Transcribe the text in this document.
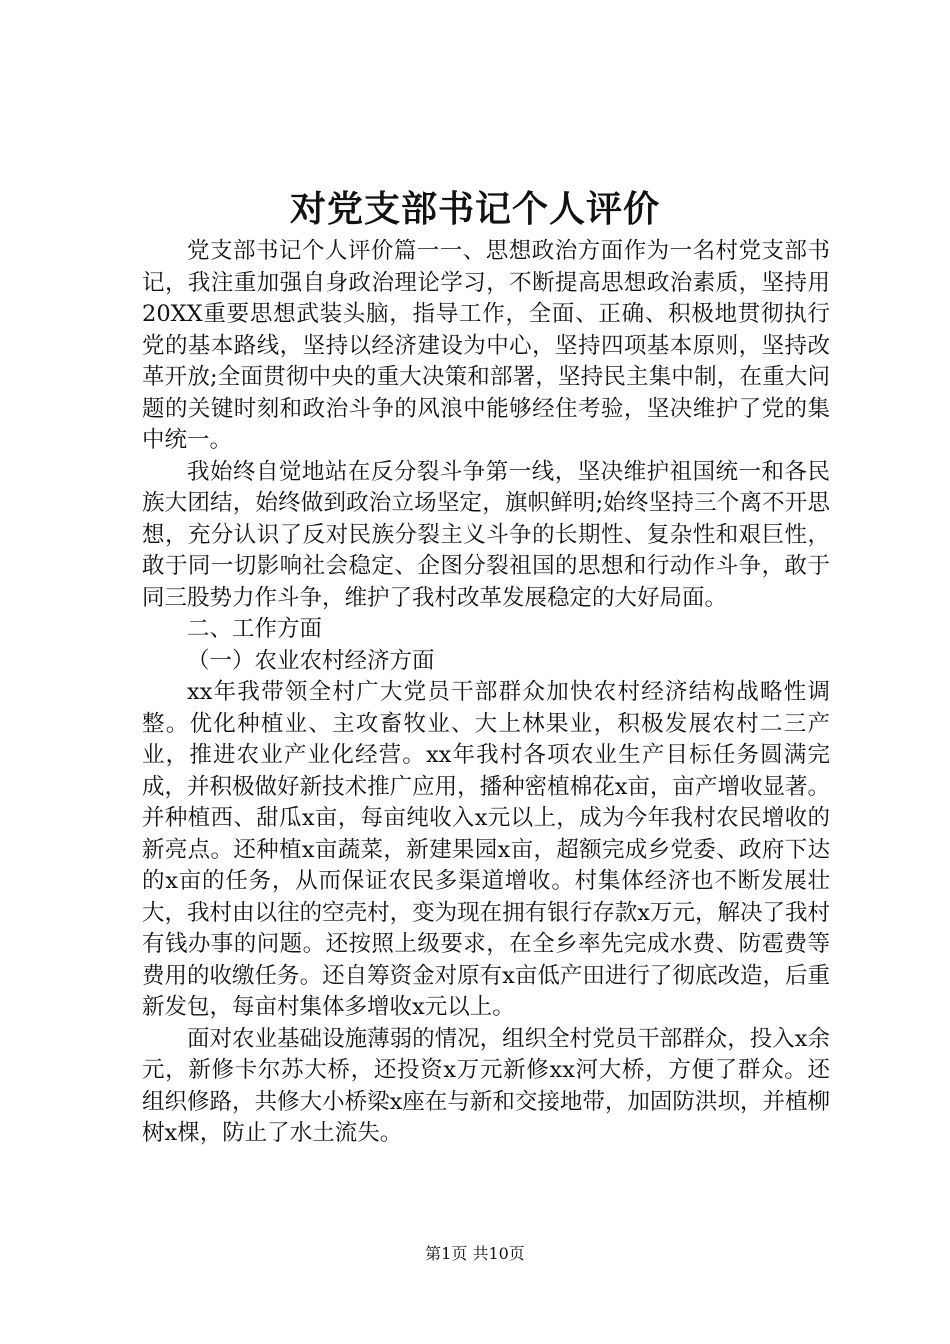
对党支部书记个人评价

党支部书记个人评价篇一一、思想政治方面作为一名村党支部书记，我注重加强自身政治理论学习，不断提高思想政治素质，坚持用20XX重要思想武装头脑，指导工作，全面、正确、积极地贯彻执行党的基本路线，坚持以经济建设为中心，坚持四项基本原则，坚持改革开放;全面贯彻中央的重大决策和部署，坚持民主集中制，在重大问题的关键时刻和政治斗争的风浪中能够经住考验，坚决维护了党的集中统一。

我始终自觉地站在反分裂斗争第一线，坚决维护祖国统一和各民族大团结，始终做到政治立场坚定，旗帜鲜明;始终坚持三个离不开思想，充分认识了反对民族分裂主义斗争的长期性、复杂性和艰巨性，敢于同一切影响社会稳定、企图分裂祖国的思想和行动作斗争，敢于同三股势力作斗争，维护了我村改革发展稳定的大好局面。

二、工作方面

（一）农业农村经济方面

xx年我带领全村广大党员干部群众加快农村经济结构战略性调整。优化种植业、主攻畜牧业、大上林果业，积极发展农村二三产业，推进农业产业化经营。xx年我村各项农业生产目标任务圆满完成，并积极做好新技术推广应用，播种密植棉花x亩，亩产增收显著。并种植西、甜瓜x亩，每亩纯收入x元以上，成为今年我村农民增收的新亮点。还种植x亩蔬菜，新建果园x亩，超额完成乡党委、政府下达的x亩的任务，从而保证农民多渠道增收。村集体经济也不断发展壮大，我村由以往的空壳村，变为现在拥有银行存款x万元，解决了我村有钱办事的问题。还按照上级要求，在全乡率先完成水费、防雹费等费用的收缴任务。还自筹资金对原有x亩低产田进行了彻底改造，后重新发包，每亩村集体多增收x元以上。

面对农业基础设施薄弱的情况，组织全村党员干部群众，投入x余元，新修卡尔苏大桥，还投资x万元新修xx河大桥，方便了群众。还组织修路，共修大小桥梁x座在与新和交接地带，加固防洪坝，并植柳树x棵，防止了水土流失。

第1页 共10页
